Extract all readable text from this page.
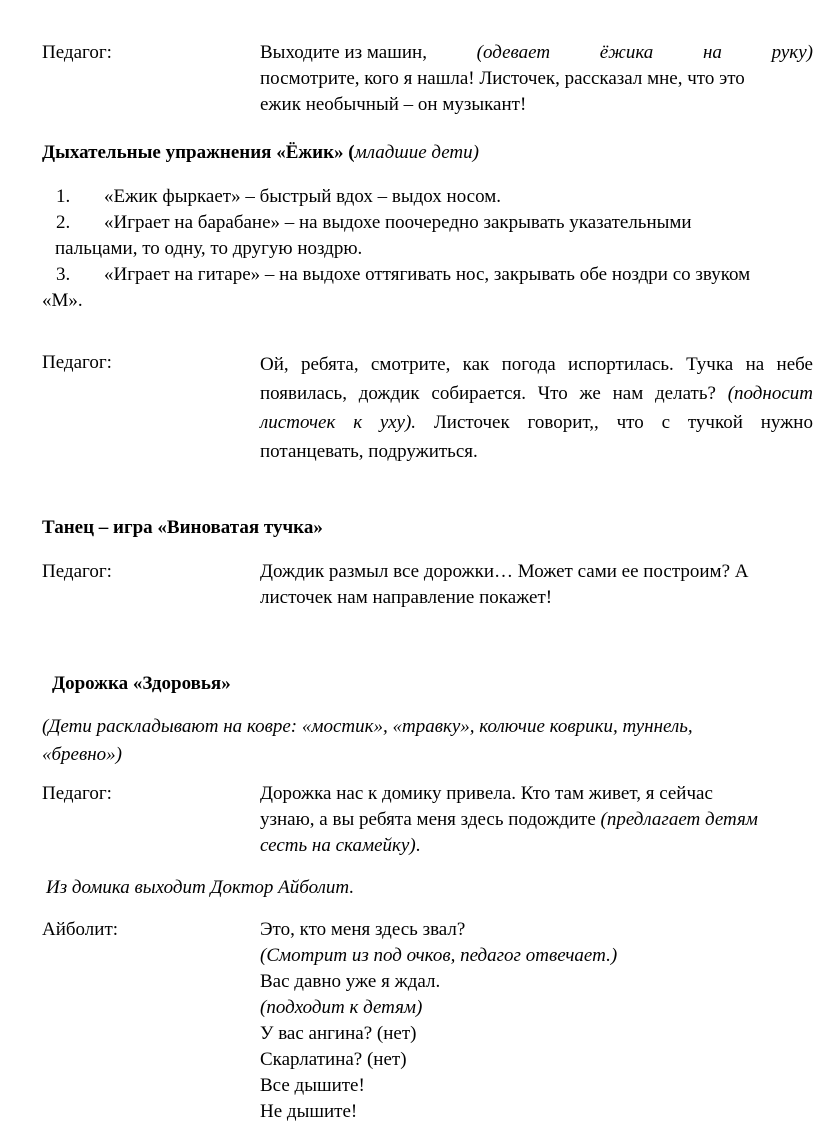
Педагог:	Выходите из машин,	(одевает	ёжика	на	руку)
посмотрите, кого я нашла! Листочек, рассказал мне, что это
ежик необычный – он музыкант!

Дыхательные упражнения «Ёжик» (младшие дети)

1. «Ежик фыркает» – быстрый вдох – выдох носом.
2. «Играет на барабане» – на выдохе поочередно закрывать указательными
пальцами, то одну, то другую ноздрю.
3. «Играет на гитаре» – на выдохе оттягивать нос, закрывать обе ноздри со звуком
«М».

Педагог:	Ой, ребята, смотрите, как погода испортилась. Тучка на небе
появилась, дождик собирается. Что же нам делать? (подносит
листочек к уху). Листочек говорит,, что с тучкой нужно
потанцевать, подружиться.

Танец – игра «Виноватая тучка»

Педагог:	Дождик размыл все дорожки… Может сами ее построим? А
листочек нам направление покажет!

Дорожка «Здоровья»

(Дети раскладывают на ковре: «мостик», «травку», колючие коврики, туннель,
«бревно»)

Педагог:	Дорожка нас к домику привела. Кто там живет, я сейчас
узнаю, а вы ребята меня здесь подождите (предлагает детям
сесть на скамейку).

Из домика выходит Доктор Айболит.

Айболит:	Это, кто меня здесь звал?
(Смотрит из под очков, педагог отвечает.)
Вас давно уже я ждал.
(подходит к детям)
У вас ангина? (нет)
Скарлатина? (нет)
Все дышите!
Не дышите!
